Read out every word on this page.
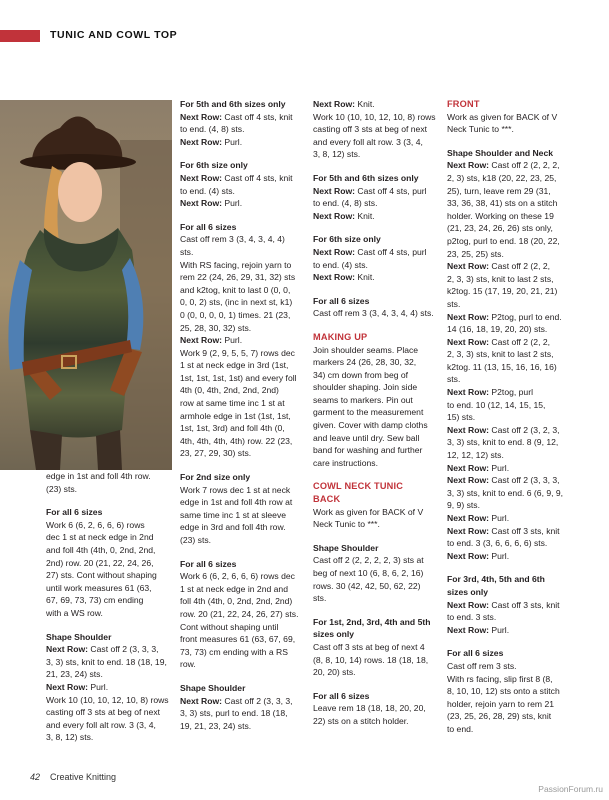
TUNIC AND COWL TOP

edge in 1st and foll 4th row.

(23) sts.

For all 6 sizes

Work 6 (6, 2, 6, 6, 6) rows

dec 1 st at neck edge in 2nd

and foll 4th (4th, 0, 2nd, 2nd,

2nd) row. 20 (21, 22, 24, 26,

27) sts. Cont without shaping

until work measures 61 (63,

67, 69, 73, 73) cm ending

with a WS row.

Shape Shoulder

Next Row: Cast off 2 (3, 3, 3,

3, 3) sts, knit to end. 18 (18, 19,

21, 23, 24) sts.

Next Row: Purl.

Work 10 (10, 10, 12, 10, 8) rows

casting off 3 sts at beg of next

and every foll alt row. 3 (3, 4,

3, 8, 12) sts.

For 5th and 6th sizes only

Next Row: Cast off 4 sts, knit

to end. (4, 8) sts.

Next Row: Purl.

For 6th size only

Next Row: Cast off 4 sts, knit

to end. (4) sts.

Next Row: Purl.

For all 6 sizes

Cast off rem 3 (3, 4, 3, 4, 4)

sts.

With RS facing, rejoin yarn to

rem 22 (24, 26, 29, 31, 32) sts

and k2tog, knit to last 0 (0, 0,

0, 0, 2) sts, (inc in next st, k1)

0 (0, 0, 0, 0, 1) times. 21 (23,

25, 28, 30, 32) sts.

Next Row: Purl.

Work 9 (2, 9, 5, 5, 7) rows dec

1 st at neck edge in 3rd (1st,

1st, 1st, 1st, 1st) and every foll

4th (0, 4th, 2nd, 2nd, 2nd)

row at same time inc 1 st at

armhole edge in 1st (1st, 1st,

1st, 1st, 3rd) and foll 4th (0,

4th, 4th, 4th, 4th) row. 22 (23,

23, 27, 29, 30) sts.

For 2nd size only

Work 7 rows dec 1 st at neck

edge in 1st and foll 4th row at

same time inc 1 st at sleeve

edge in 3rd and foll 4th row.

(23) sts.

For all 6 sizes

Work 6 (6, 2, 6, 6, 6) rows dec

1 st at neck edge in 2nd and

foll 4th (4th, 0, 2nd, 2nd, 2nd)

row. 20 (21, 22, 24, 26, 27) sts.

Cont without shaping until

front measures 61 (63, 67, 69,

73, 73) cm ending with a RS

row.

Shape Shoulder

Next Row: Cast off 2 (3, 3, 3,

3, 3) sts, purl to end. 18 (18,

19, 21, 23, 24) sts.

Next Row: Knit.

Work 10 (10, 10, 12, 10, 8) rows

casting off 3 sts at beg of next

and every foll alt row. 3 (3, 4,

3, 8, 12) sts.

For 5th and 6th sizes only

Next Row: Cast off 4 sts, purl

to end. (4, 8) sts.

Next Row: Knit.

For 6th size only

Next Row: Cast off 4 sts, purl

to end. (4) sts.

Next Row: Knit.

For all 6 sizes

Cast off rem 3 (3, 4, 3, 4, 4) sts.

MAKING UP

Join shoulder seams. Place

markers 24 (26, 28, 30, 32,

34) cm down from beg of

shoulder shaping. Join side

seams to markers. Pin out

garment to the measurement

given. Cover with damp cloths

and leave until dry. Sew ball

band for washing and further

care instructions.

COWL NECK TUNIC

BACK

Work as given for BACK of V

Neck Tunic to ***.

Shape Shoulder

Cast off 2 (2, 2, 2, 2, 3) sts at

beg of next 10 (6, 8, 6, 2, 16)

rows. 30 (42, 42, 50, 62, 22)

sts.

For 1st, 2nd, 3rd, 4th and 5th

sizes only

Cast off 3 sts at beg of next 4

(8, 8, 10, 14) rows. 18 (18, 18,

20, 20) sts.

For all 6 sizes

Leave rem 18 (18, 18, 20, 20,

22) sts on a stitch holder.

FRONT

Work as given for BACK of V

Neck Tunic to ***.

Shape Shoulder and Neck

Next Row: Cast off 2 (2, 2, 2,

2, 3) sts, k18 (20, 22, 23, 25,

25), turn, leave rem 29 (31,

33, 36, 38, 41) sts on a stitch

holder. Working on these 19

(21, 23, 24, 26, 26) sts only,

p2tog, purl to end. 18 (20, 22,

23, 25, 25) sts.

Next Row: Cast off 2 (2, 2,

2, 3, 3) sts, knit to last 2 sts,

k2tog. 15 (17, 19, 20, 21, 21)

sts.

Next Row: P2tog, purl to end.

14 (16, 18, 19, 20, 20) sts.

Next Row: Cast off 2 (2, 2,

2, 3, 3) sts, knit to last 2 sts,

k2tog. 11 (13, 15, 16, 16, 16)

sts.

Next Row: P2tog, purl

to end. 10 (12, 14, 15, 15,

15) sts.

Next Row: Cast off 2 (3, 2, 3,

3, 3) sts, knit to end. 8 (9, 12,

12, 12, 12) sts.

Next Row: Purl.

Next Row: Cast off 2 (3, 3, 3,

3, 3) sts, knit to end. 6 (6, 9, 9,

9, 9) sts.

Next Row: Purl.

Next Row: Cast off 3 sts, knit

to end. 3 (3, 6, 6, 6, 6) sts.

Next Row: Purl.

For 3rd, 4th, 5th and 6th

sizes only

Next Row: Cast off 3 sts, knit

to end. 3 sts.

Next Row: Purl.

For all 6 sizes

Cast off rem 3 sts.

With rs facing, slip first 8 (8,

8, 10, 10, 12) sts onto a stitch

holder, rejoin yarn to rem 21

(23, 25, 26, 28, 29) sts, knit

to end.

42 Creative Knitting
PassionForum.ru
